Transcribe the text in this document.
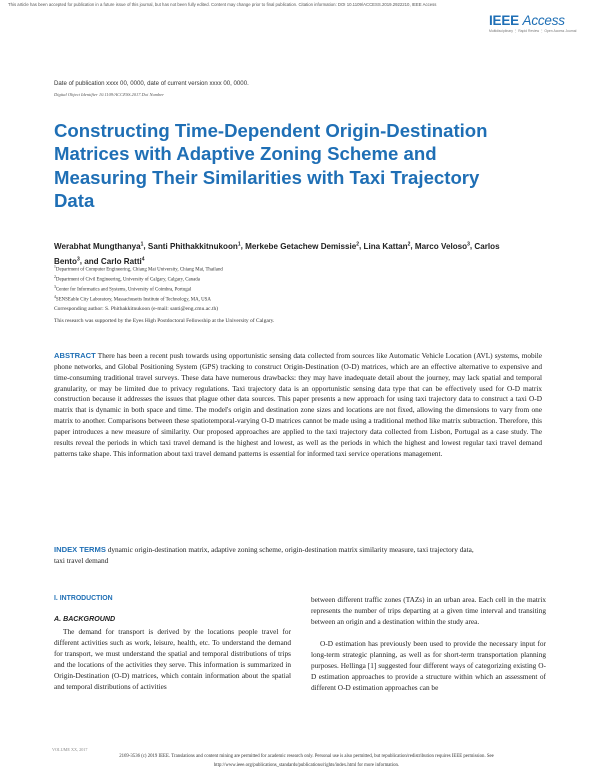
This article has been accepted for publication in a future issue of this journal, but has not been fully edited. Content may change prior to final publication. Citation information: DOI 10.1109/ACCESS.2019.2922210, IEEE Access
IEEE Access
Multidisciplinary ⋮ Rapid Review ⋮ Open Access Journal
Date of publication xxxx 00, 0000, date of current version xxxx 00, 0000.
Digital Object Identifier 10.1109/ACCESS.2017.Doi Number
Constructing Time-Dependent Origin-Destination Matrices with Adaptive Zoning Scheme and Measuring Their Similarities with Taxi Trajectory Data

Werabhat Mungthanya$^1$, Santi Phithakkitnukoon$^1$, Merkebe Getachew Demissie$^2$, Lina Kattan$^2$, Marco Veloso$^3$, Carlos Bento$^3$, and Carlo Ratti$^4$

$^1$Department of Computer Engineering, Chiang Mai University, Chiang Mai, Thailand
$^2$Department of Civil Engineering, University of Calgary, Calgary, Canada
$^3$Center for Informatics and Systems, University of Coimbra, Portugal
$^4$SENSEable City Laboratory, Massachusetts Institute of Technology, MA, USA
Corresponding author: S. Phithakkitnukoon (e-mail: santi@eng.cmu.ac.th)
This research was supported by the Eyes High Postdoctoral Fellowship at the University of Calgary.

ABSTRACT There has been a recent push towards using opportunistic sensing data collected from sources like Automatic Vehicle Location (AVL) systems, mobile phone networks, and Global Positioning System (GPS) tracking to construct Origin-Destination (O-D) matrices, which are an effective alternative to expensive and time-consuming traditional travel surveys. These data have numerous drawbacks: they may have inadequate detail about the journey, may lack spatial and temporal granularity, or may be limited due to privacy regulations. Taxi trajectory data is an opportunistic sensing data type that can be effectively used for O-D matrix construction because it addresses the issues that plague other data sources. This paper presents a new approach for using taxi trajectory data to construct a taxi O-D matrix that is dynamic in both space and time. The model's origin and destination zone sizes and locations are not fixed, allowing the dimensions to vary from one matrix to another. Comparisons between these spatiotemporal-varying O-D matrices cannot be made using a traditional method like matrix subtraction. Therefore, this paper introduces a new measure of similarity. Our proposed approaches are applied to the taxi trajectory data collected from Lisbon, Portugal as a case study. The results reveal the periods in which taxi travel demand is the highest and lowest, as well as the periods in which the highest and lowest regular taxi travel demand patterns take shape. This information about taxi travel demand patterns is essential for informed taxi service operations management.

INDEX TERMS dynamic origin-destination matrix, adaptive zoning scheme, origin-destination matrix similarity measure, taxi trajectory data, taxi travel demand

I. INTRODUCTION
A. BACKGROUND

The demand for transport is derived by the locations people travel for different activities such as work, leisure, health, etc. To understand the demand for transport, we must understand the spatial and temporal distributions of trips and the locations of the activities they serve. This information is summarized in Origin-Destination (O-D) matrices, which contain information about the spatial and temporal distributions of activities

between different traffic zones (TAZs) in an urban area. Each cell in the matrix represents the number of trips departing at a given time interval and transiting between an origin and a destination within the study area.

O-D estimation has previously been used to provide the necessary input for long-term strategic planning, as well as for short-term transportation planning purposes. Hellinga [1] suggested four different ways of categorizing existing O-D estimation approaches to provide a structure within which an assessment of different O-D estimation approaches can be

VOLUME XX, 2017
2169-3536 (c) 2019 IEEE. Translations and content mining are permitted for academic research only. Personal use is also permitted, but republication/redistribution requires IEEE permission. See
http://www.ieee.org/publications_standards/publications/rights/index.html for more information.
